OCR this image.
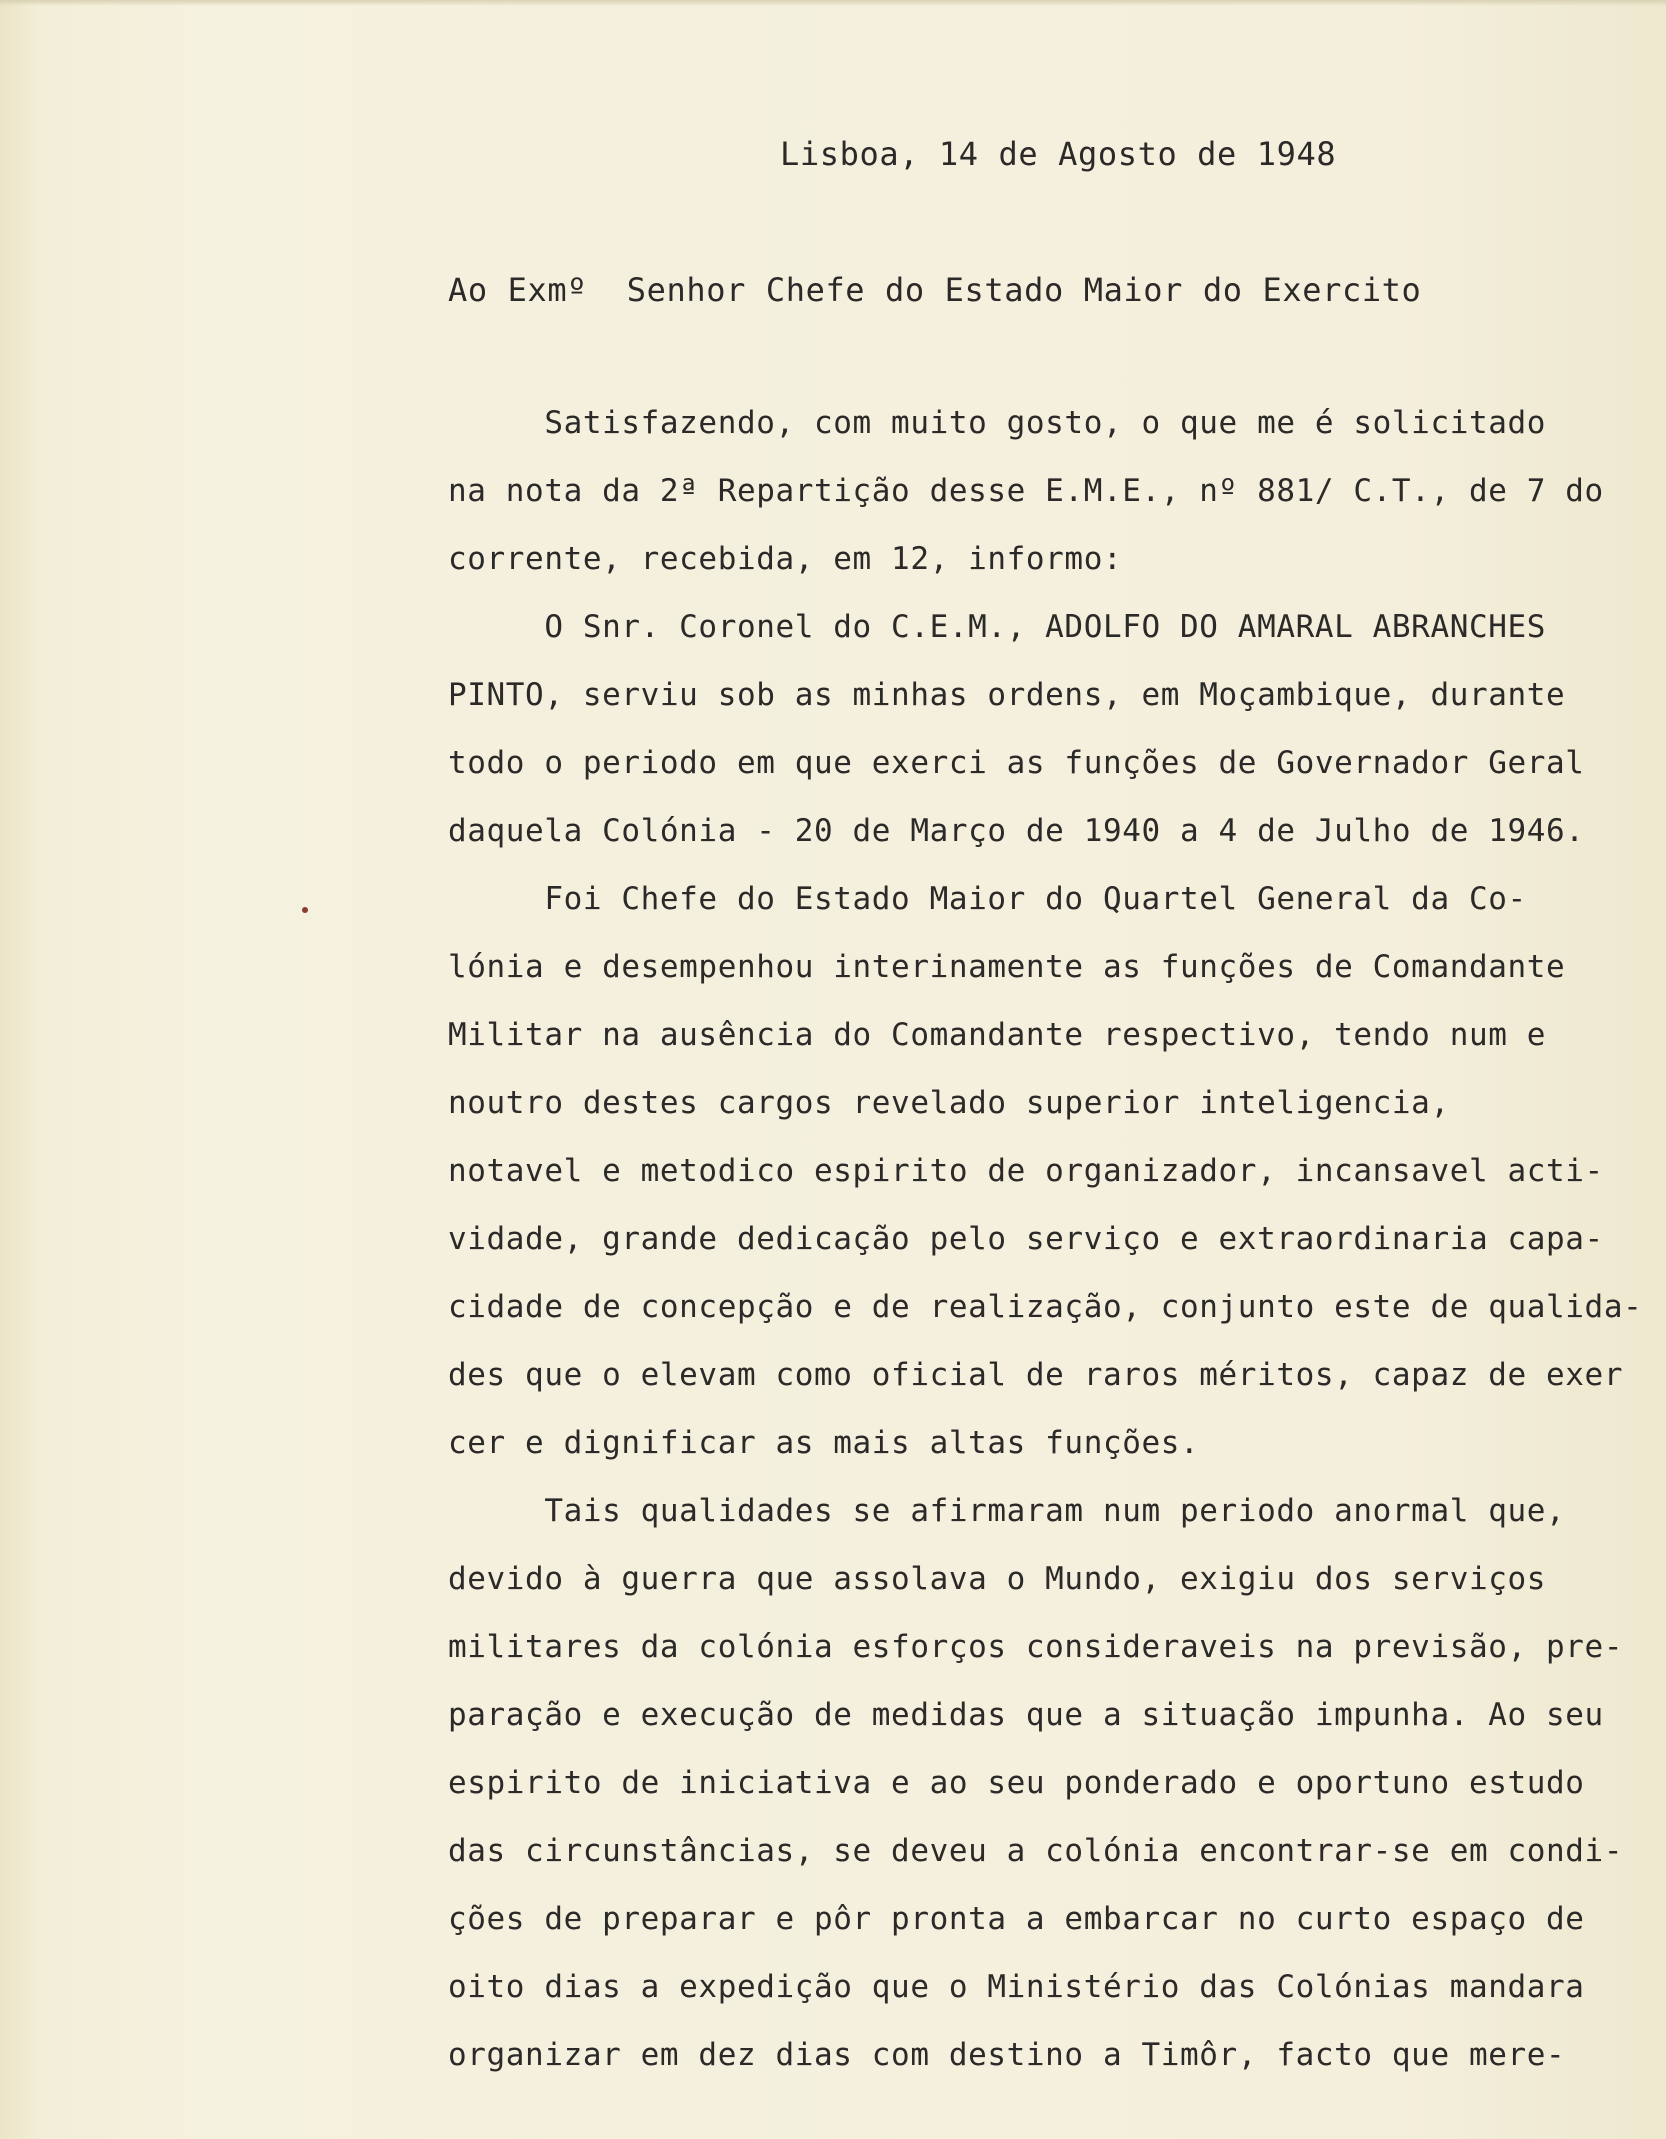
Lisboa, 14 de Agosto de 1948
Ao Exmº  Senhor Chefe do Estado Maior do Exercito
Satisfazendo, com muito gosto, o que me é solicitado
na nota da 2ª Repartição desse E.M.E., nº 881/ C.T., de 7 do
corrente, recebida, em 12, informo:
O Snr. Coronel do C.E.M., ADOLFO DO AMARAL ABRANCHES
PINTO, serviu sob as minhas ordens, em Moçambique, durante
todo o periodo em que exerci as funções de Governador Geral
daquela Colónia - 20 de Março de 1940 a 4 de Julho de 1946.
Foi Chefe do Estado Maior do Quartel General da Co-
lónia e desempenhou interinamente as funções de Comandante
Militar na ausência do Comandante respectivo, tendo num e
noutro destes cargos revelado superior inteligencia,
notavel e metodico espirito de organizador, incansavel acti-
vidade, grande dedicação pelo serviço e extraordinaria capa-
cidade de concepção e de realização, conjunto este de qualida-
des que o elevam como oficial de raros méritos, capaz de exer
cer e dignificar as mais altas funções.
Tais qualidades se afirmaram num periodo anormal que,
devido à guerra que assolava o Mundo, exigiu dos serviços
militares da colónia esforços consideraveis na previsão, pre-
paração e execução de medidas que a situação impunha. Ao seu
espirito de iniciativa e ao seu ponderado e oportuno estudo
das circunstâncias, se deveu a colónia encontrar-se em condi-
ções de preparar e pôr pronta a embarcar no curto espaço de
oito dias a expedição que o Ministério das Colónias mandara
organizar em dez dias com destino a Timôr, facto que mere-
